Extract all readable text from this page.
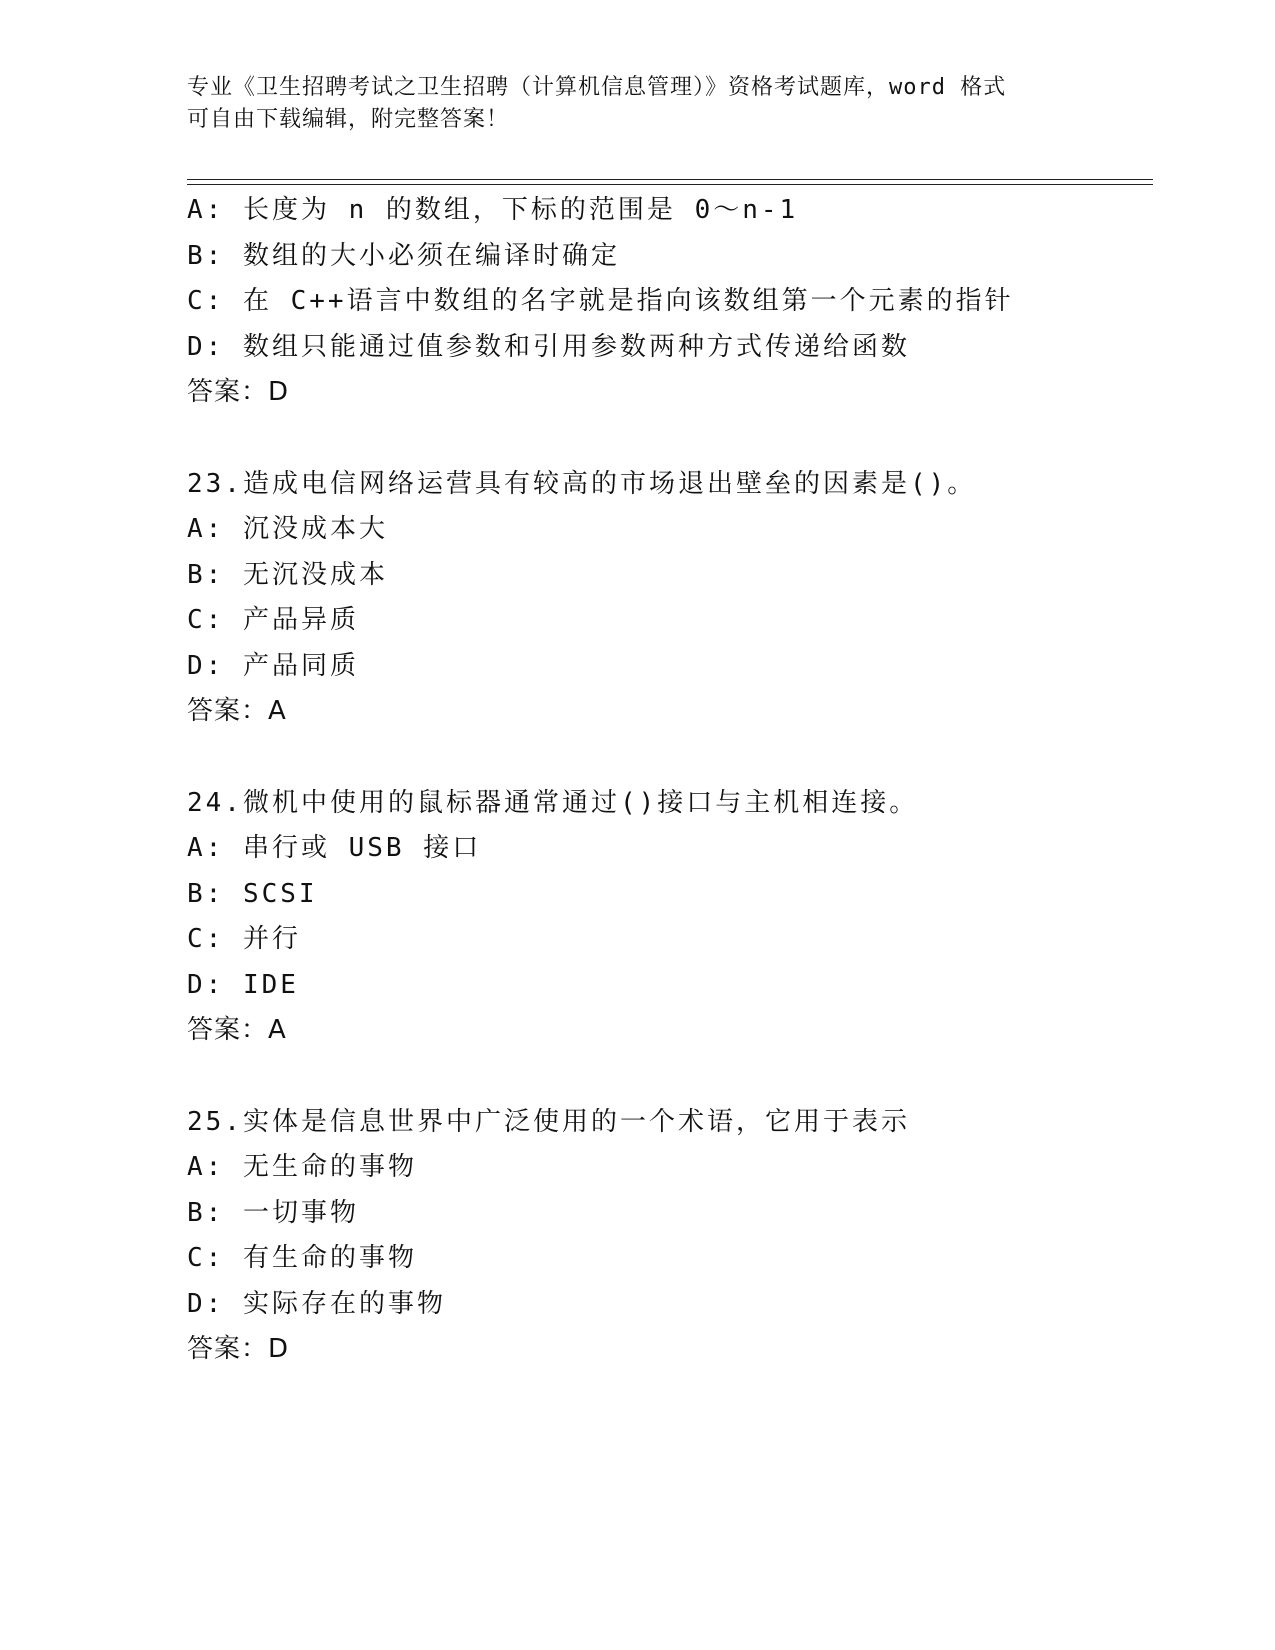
专业《卫生招聘考试之卫生招聘（计算机信息管理）》资格考试题库，word 格式
可自由下载编辑，附完整答案！
A: 长度为 n 的数组，下标的范围是 0～n-1
B: 数组的大小必须在编译时确定
C: 在 C++语言中数组的名字就是指向该数组第一个元素的指针
D: 数组只能通过值参数和引用参数两种方式传递给函数
答案：D
23.造成电信网络运营具有较高的市场退出壁垒的因素是()。
A: 沉没成本大
B: 无沉没成本
C: 产品异质
D: 产品同质
答案：A
24.微机中使用的鼠标器通常通过()接口与主机相连接。
A: 串行或 USB 接口
B: SCSI
C: 并行
D: IDE
答案：A
25.实体是信息世界中广泛使用的一个术语，它用于表示
A: 无生命的事物
B: 一切事物
C: 有生命的事物
D: 实际存在的事物
答案：D
